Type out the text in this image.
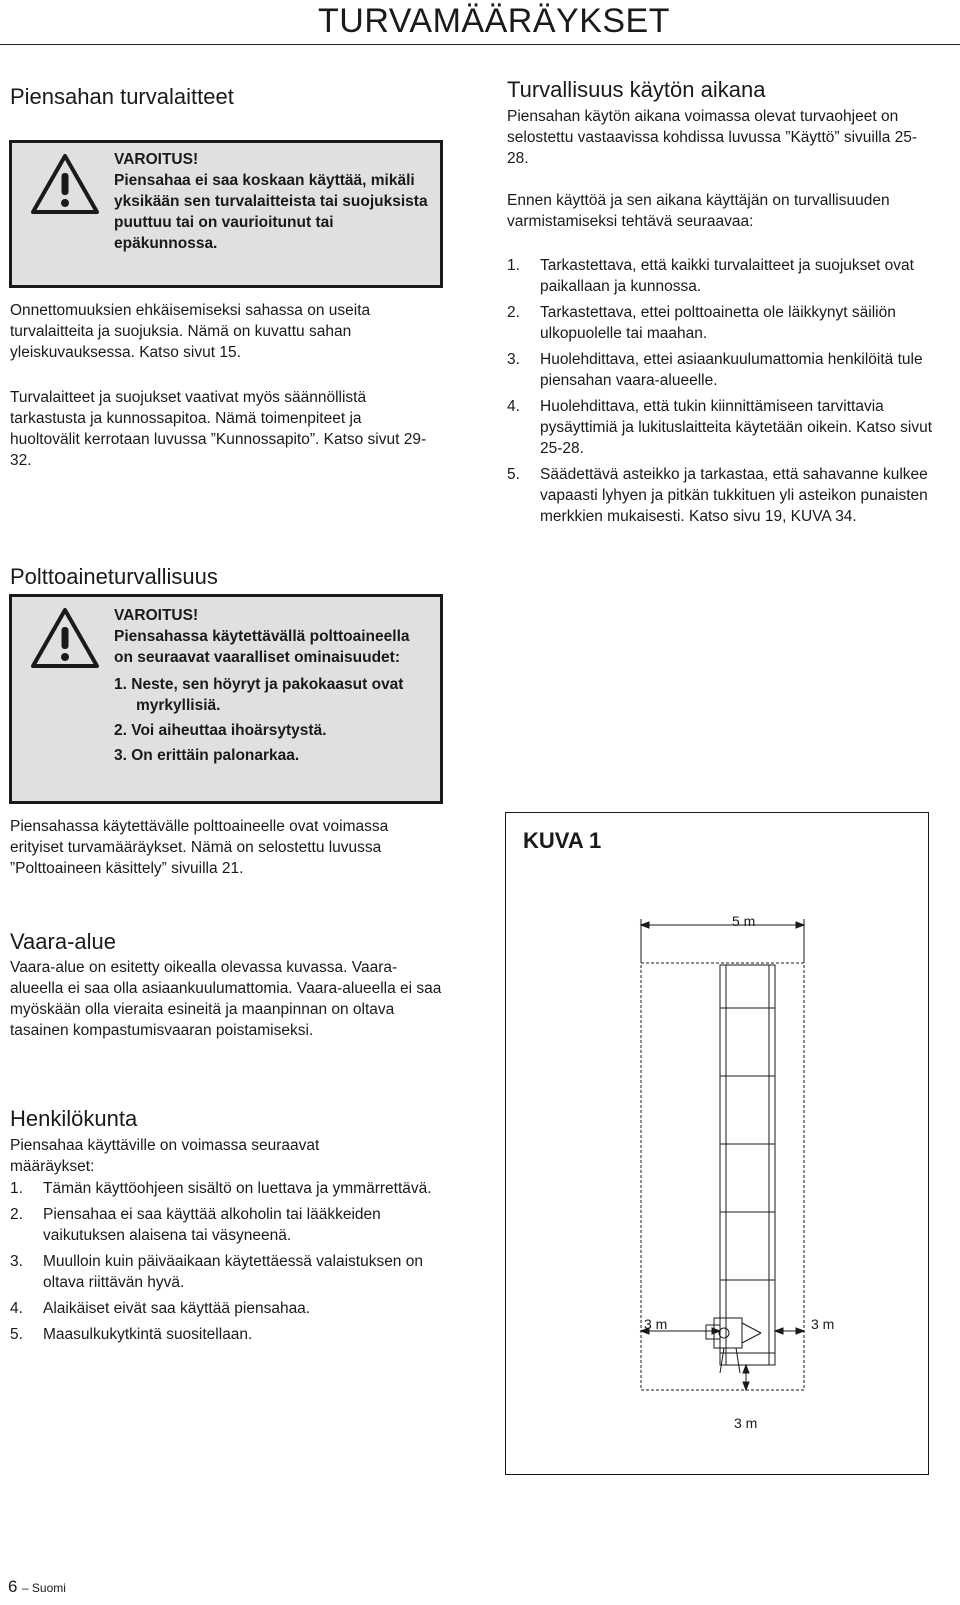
TURVAMÄÄRÄYKSET
Piensahan turvalaitteet
VAROITUS!
Piensahaa ei saa koskaan käyttää, mikäli yksikään sen turvalaitteista tai suojuksista puuttuu tai on vaurioitunut tai epäkunnossa.

Onnettomuuksien ehkäisemiseksi sahassa on useita turvalaitteita ja suojuksia. Nämä on kuvattu sahan yleiskuvauksessa. Katso sivut 15.

Turvalaitteet ja suojukset vaativat myös säännöllistä tarkastusta ja kunnossapitoa. Nämä toimenpiteet ja huoltovälit kerrotaan luvussa ”Kunnossapito”. Katso sivut 29-32.

Polttoaineturvallisuus
VAROITUS!
Piensahassa käytettävällä polttoaineella on seuraavat vaaralliset ominaisuudet:
1. Neste, sen höyryt ja pakokaasut ovat myrkyllisiä.
2. Voi aiheuttaa ihoärsytystä.
3. On erittäin palonarkaa.

Piensahassa käytettävälle polttoaineelle ovat voimassa erityiset turvamääräykset. Nämä on selostettu luvussa ”Polttoaineen käsittely” sivuilla 21.

Vaara-alue

Vaara-alue on esitetty oikealla olevassa kuvassa. Vaara-alueella ei saa olla asiaankuulumattomia. Vaara-alueella ei saa myöskään olla vieraita esineitä ja maanpinnan on oltava tasainen kompastumisvaaran poistamiseksi.

Henkilökunta

Piensahaa käyttäville on voimassa seuraavat määräykset:

1. Tämän käyttöohjeen sisältö on luettava ja ymmärrettävä.
2. Piensahaa ei saa käyttää alkoholin tai lääkkeiden vaikutuksen alaisena tai väsyneenä.
3. Muulloin kuin päiväaikaan käytettäessä valaistuksen on oltava riittävän hyvä.
4. Alaikäiset eivät saa käyttää piensahaa.
5. Maasulkukytkintä suositellaan.
Turvallisuus käytön aikana

Piensahan käytön aikana voimassa olevat turvaohjeet on selostettu vastaavissa kohdissa luvussa ”Käyttö” sivuilla 25-28.

Ennen käyttöä ja sen aikana käyttäjän on turvallisuuden varmistamiseksi tehtävä seuraavaa:

1. Tarkastettava, että kaikki turvalaitteet ja suojukset ovat paikallaan ja kunnossa.
2. Tarkastettava, ettei polttoainetta ole läikkynyt säiliön ulkopuolelle tai maahan.
3. Huolehdittava, ettei asiaankuulumattomia henkilöitä tule piensahan vaara-alueelle.
4. Huolehdittava, että tukin kiinnittämiseen tarvittavia pysäyttimiä ja lukituslaitteita käytetään oikein. Katso sivut 25-28.
5. Säädettävä asteikko ja tarkastaa, että sahavanne kulkee vapaasti lyhyen ja pitkän tukkituen yli asteikon punaisten merkkien mukaisesti. Katso sivu 19, KUVA 34.
KUVA 1
5 m
3 m	3 m
3 m
6 – Suomi
